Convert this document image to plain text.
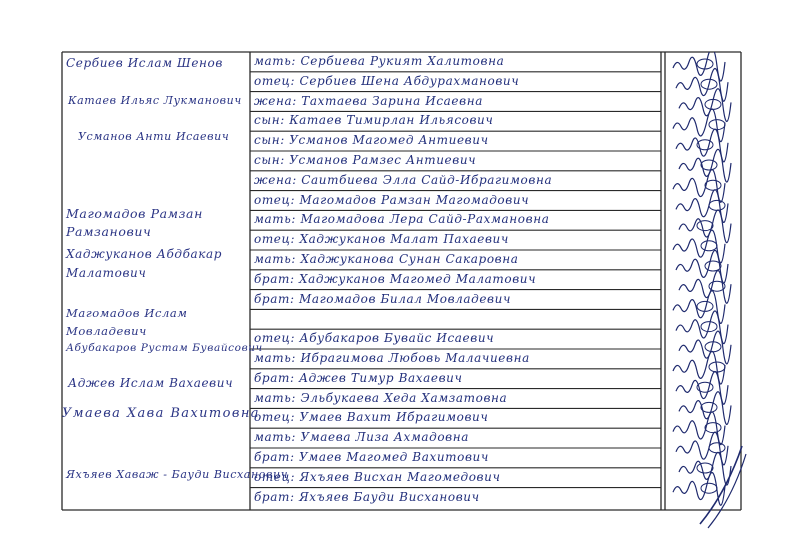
Сербиев Ислам Шенов
Катаев Ильяс Лукманович
Усманов Анти Исаевич
Магомадов Рамзан Рамзанович
Хаджуканов Абдбакар Малатович
Магомадов Ислам Мовладевич
Абубакаров Рустам Бувайсович
Аджев Ислам Вахаевич
Умаева Хава Вахитовна
Яхъяев Хаваж - Бауди Висханович
мать: Сербиева Рукият Халитовна
отец: Сербиев Шена Абдурахманович
жена: Тахтаева Зарина Исаевна
сын: Катаев Тимирлан Ильясович
сын: Усманов Магомед Антиевич
сын: Усманов Рамзес Антиевич
жена: Саитбиева Элла Сайд-Ибрагимовна
отец: Магомадов Рамзан Магомадович
мать: Магомадова Лера Сайд-Рахмановна
отец: Хаджуканов Малат Пахаевич
мать: Хаджуканова Сунан Сакаровна
брат: Хаджуканов Магомед Малатович
брат: Магомадов Билал Мовладевич
отец: Абубакаров Бувайс Исаевич
мать: Ибрагимова Любовь Малачиевна
брат: Аджев Тимур Вахаевич
мать: Эльбукаева Хеда Хамзатовна
отец: Умаев Вахит Ибрагимович
мать: Умаева Лиза Ахмадовна
брат: Умаев Магомед Вахитович
отец: Яхъяев Висхан Магомедович
брат: Яхъяев Бауди Висханович
